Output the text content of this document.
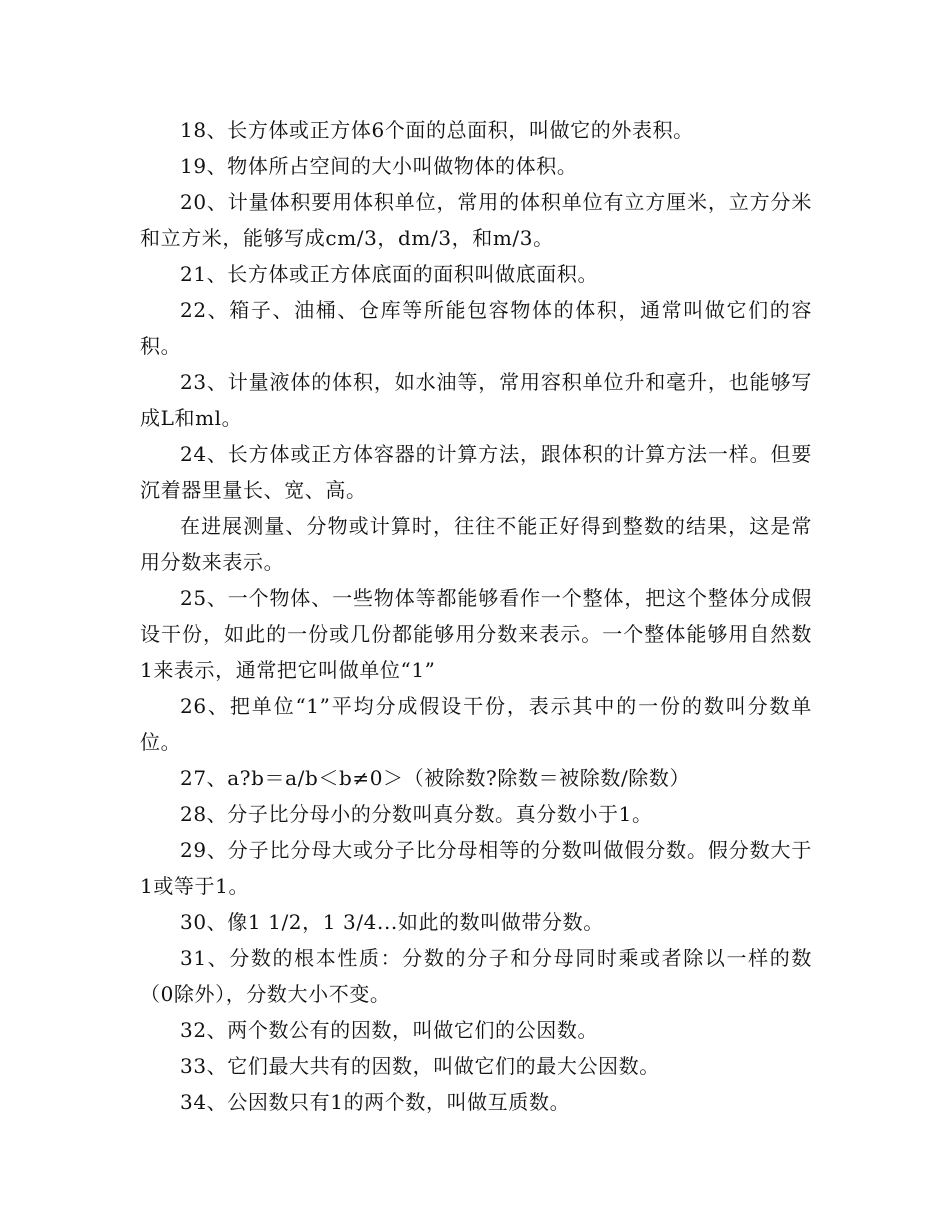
18、长方体或正方体6个面的总面积，叫做它的外表积。

19、物体所占空间的大小叫做物体的体积。

20、计量体积要用体积单位，常用的体积单位有立方厘米，立方分米和立方米，能够写成cm/3，dm/3，和m/3。

21、长方体或正方体底面的面积叫做底面积。

22、箱子、油桶、仓库等所能包容物体的体积，通常叫做它们的容积。

23、计量液体的体积，如水油等，常用容积单位升和毫升，也能够写成L和ml。

24、长方体或正方体容器的计算方法，跟体积的计算方法一样。但要沉着器里量长、宽、高。

在进展测量、分物或计算时，往往不能正好得到整数的结果，这是常用分数来表示。

25、一个物体、一些物体等都能够看作一个整体，把这个整体分成假设干份，如此的一份或几份都能够用分数来表示。一个整体能够用自然数1来表示，通常把它叫做单位“1”

26、把单位“1”平均分成假设干份，表示其中的一份的数叫分数单位。

27、a?b＝a/b＜b≠0＞（被除数?除数＝被除数/除数）

28、分子比分母小的分数叫真分数。真分数小于1。

29、分子比分母大或分子比分母相等的分数叫做假分数。假分数大于1或等于1。

30、像1 1/2，1 3/4...如此的数叫做带分数。

31、分数的根本性质：分数的分子和分母同时乘或者除以一样的数（0除外），分数大小不变。

32、两个数公有的因数，叫做它们的公因数。

33、它们最大共有的因数，叫做它们的最大公因数。

34、公因数只有1的两个数，叫做互质数。
